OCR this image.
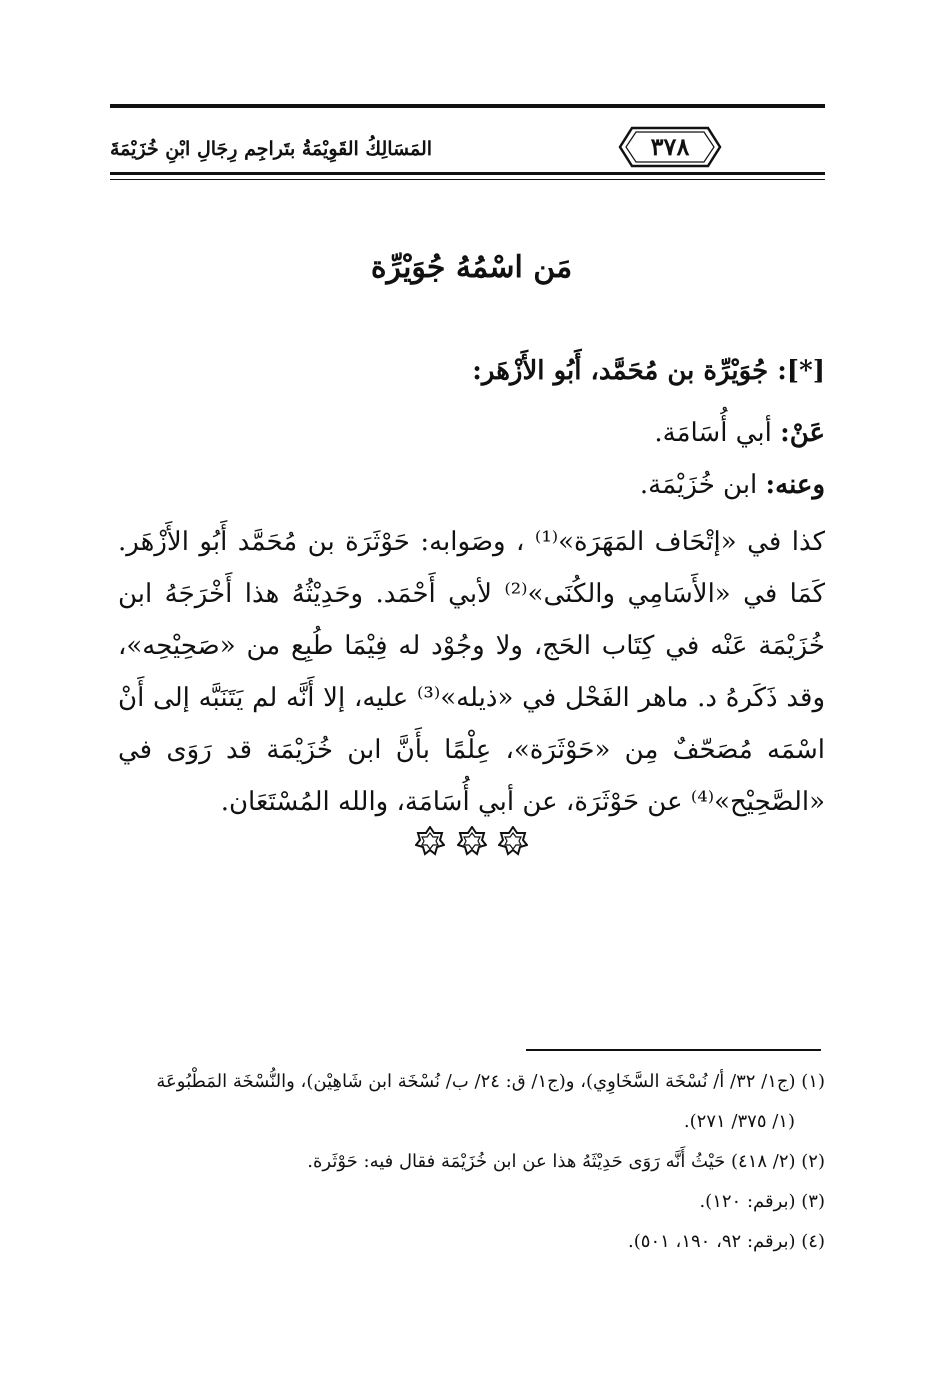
٣٧٨
المَسَالِكُ القَوِيْمَةُ بتَراجِم رِجَالِ ابْنِ خُزَيْمَةَ
مَن اسْمُهُ جُوَيْرِّة
[*]: جُوَيْرِّة بن مُحَمَّد، أَبُو الأَزْهَر:
عَنْ: أبي أُسَامَة.
وعنه: ابن خُزَيْمَة.
كذا في «إتْحَاف المَهَرَة»⁽¹⁾ ، وصَوابه: حَوْثَرَة بن مُحَمَّد أَبُو الأَزْهَر. كَمَا في «الأَسَامِي والكُنَى»⁽²⁾ لأبي أَحْمَد. وحَدِيْثُهُ هذا أَخْرَجَهُ ابن خُزَيْمَة عَنْه في كِتَاب الحَج، ولا وجُوْد له فِيْمَا طُبِع من «صَحِيْحِه»، وقد ذَكَرهُ د. ماهر الفَحْل في «ذيله»⁽³⁾ عليه، إلا أَنَّه لم يَتَنَبَّه إلى أَنْ اسْمَه مُصَحّفٌ مِن «حَوْثَرَة»، عِلْمًا بأَنَّ ابن خُزَيْمَة قد رَوَى في «الصَّحِيْح»⁽⁴⁾ عن حَوْثَرَة، عن أبي أُسَامَة، والله المُسْتَعَان.

(١) (ج١/ ٣٢/ أ/ نُسْخَة السَّخَاوِي)، و(ج١/ ق: ٢٤/ ب/ نُسْخَة ابن شَاهِيْن)، والنُّسْخَة المَطْبُوعَة
(١/ ٣٧٥/ ٢٧١).
(٢) (٢/ ٤١٨) حَيْثُ أَنَّه رَوَى حَدِيْثَهُ هذا عن ابن خُزَيْمَة فقال فيه: حَوْثَرة.
(٣) (برقم: ١٢٠).
(٤) (برقم: ٩٢، ١٩٠، ٥٠١).
